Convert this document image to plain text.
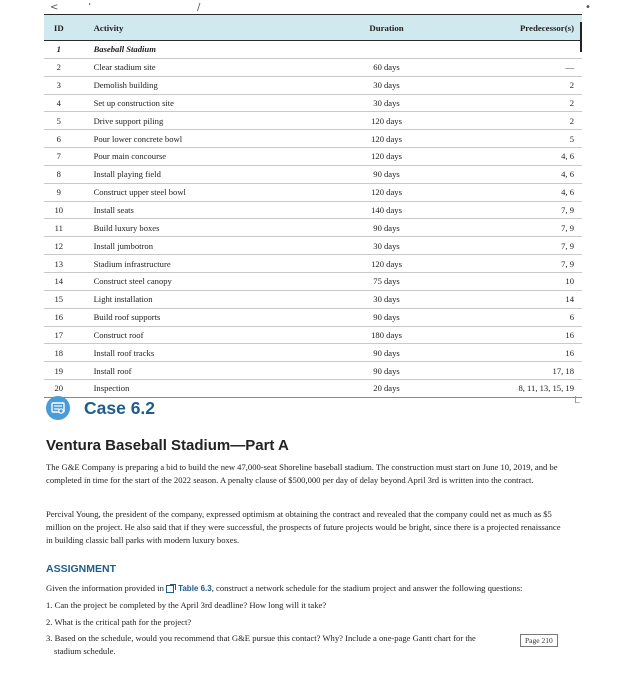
<	’	/	•
ID	Activity	Duration	Predecessor(s)
1	Baseball Stadium		
2	Clear stadium site	60 days	—
3	Demolish building	30 days	2
4	Set up construction site	30 days	2
5	Drive support piling	120 days	2
6	Pour lower concrete bowl	120 days	5
7	Pour main concourse	120 days	4, 6
8	Install playing field	90 days	4, 6
9	Construct upper steel bowl	120 days	4, 6
10	Install seats	140 days	7, 9
11	Build luxury boxes	90 days	7, 9
12	Install jumbotron	30 days	7, 9
13	Stadium infrastructure	120 days	7, 9
14	Construct steel canopy	75 days	10
15	Light installation	30 days	14
16	Build roof supports	90 days	6
17	Construct roof	180 days	16
18	Install roof tracks	90 days	16
19	Install roof	90 days	17, 18
20	Inspection	20 days	8, 11, 13, 15, 19
L
Case 6.2
Ventura Baseball Stadium—Part A
The G&E Company is preparing a bid to build the new 47,000-seat Shoreline baseball stadium. The construction must start on June 10, 2019, and be completed in time for the start of the 2022 season. A penalty clause of $500,000 per day of delay beyond April 3rd is written into the contract.
Percival Young, the president of the company, expressed optimism at obtaining the contract and revealed that the company could net as much as $5 million on the project. He also said that if they were successful, the prospects of future projects would be bright, since there is a projected renaissance in building classic ball parks with modern luxury boxes.
ASSIGNMENT
Given the information provided in Table 6.3, construct a network schedule for the stadium project and answer the following questions:
1. Can the project be completed by the April 3rd deadline? How long will it take?
2. What is the critical path for the project?
3. Based on the schedule, would you recommend that G&E pursue this contact? Why? Include a one-page Gantt chart for the
stadium schedule.
Page 210
